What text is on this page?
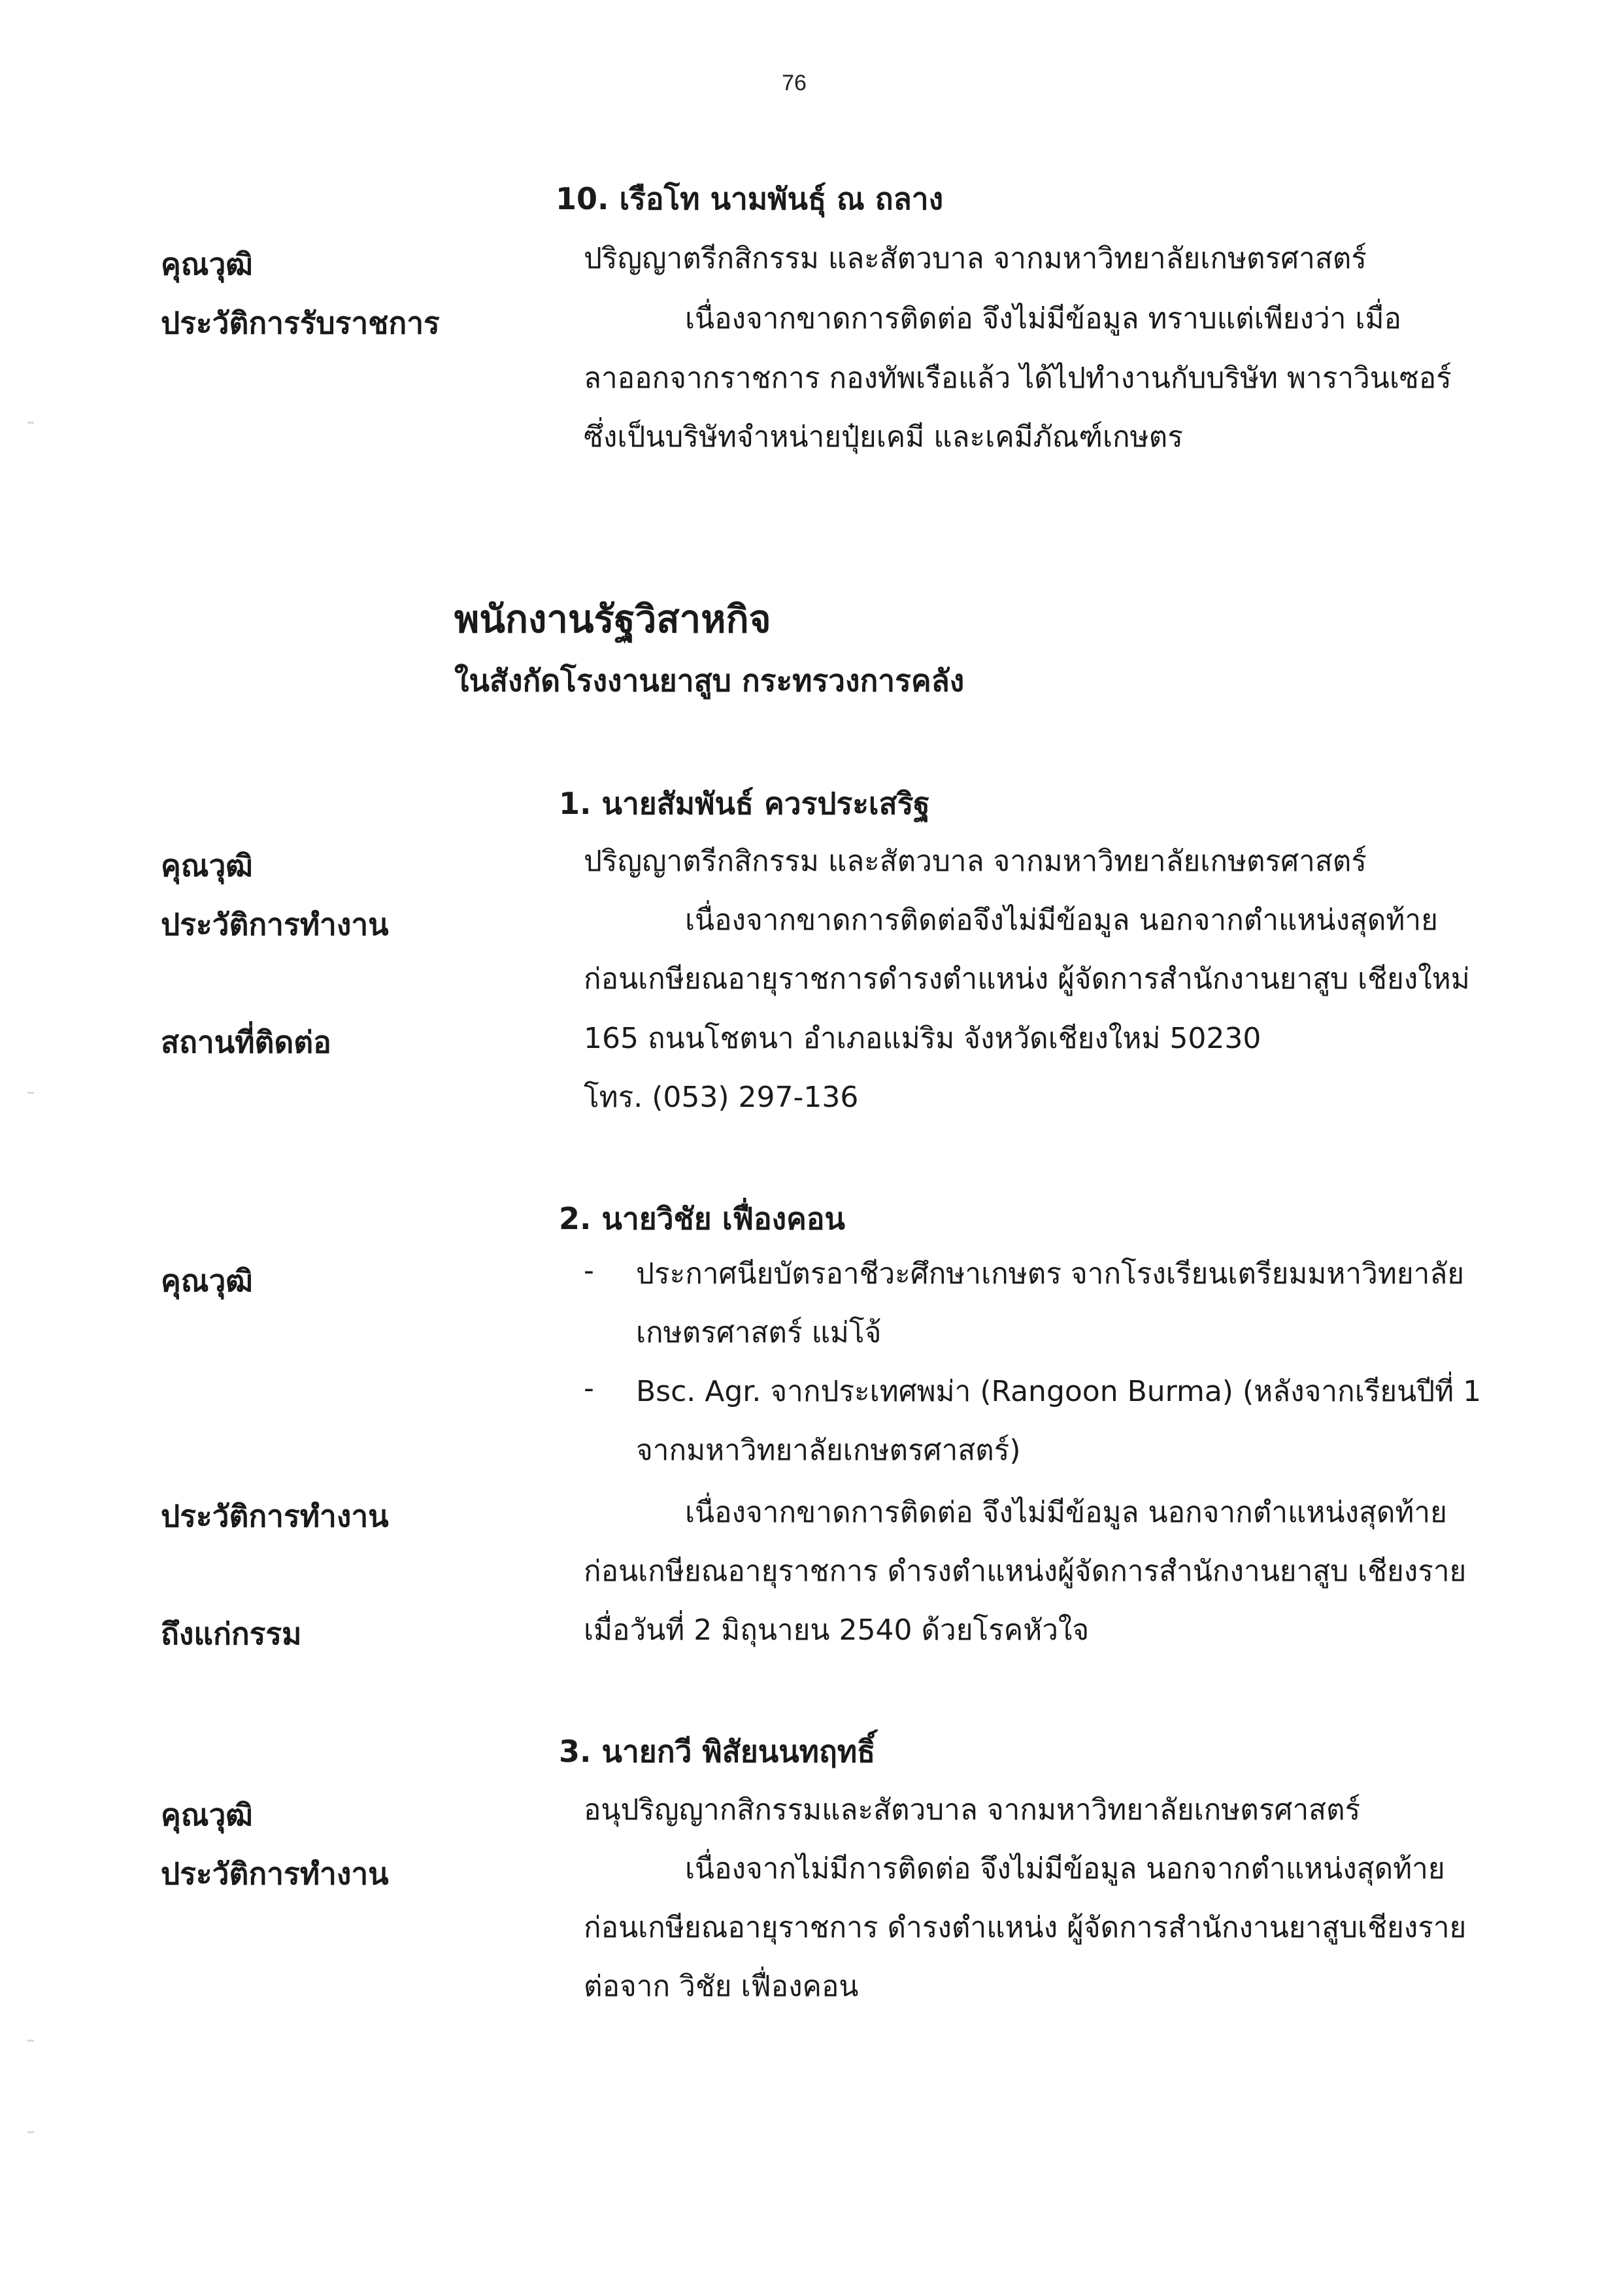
76
10. เรือโท นามพันธุ์ ณ ถลาง
คุณวุฒิ	ปริญญาตรีกสิกรรม และสัตวบาล จากมหาวิทยาลัยเกษตรศาสตร์
ประวัติการรับราชการ	เนื่องจากขาดการติดต่อ จึงไม่มีข้อมูล ทราบแต่เพียงว่า เมื่อ
ลาออกจากราชการ กองทัพเรือแล้ว ได้ไปทำงานกับบริษัท พาราวินเซอร์
ซึ่งเป็นบริษัทจำหน่ายปุ๋ยเคมี และเคมีภัณฑ์เกษตร
พนักงานรัฐวิสาหกิจ
ในสังกัดโรงงานยาสูบ กระทรวงการคลัง
1. นายสัมพันธ์ ควรประเสริฐ
คุณวุฒิ	ปริญญาตรีกสิกรรม และสัตวบาล จากมหาวิทยาลัยเกษตรศาสตร์
ประวัติการทำงาน	เนื่องจากขาดการติดต่อจึงไม่มีข้อมูล นอกจากตำแหน่งสุดท้าย
ก่อนเกษียณอายุราชการดำรงตำแหน่ง ผู้จัดการสำนักงานยาสูบ เชียงใหม่
สถานที่ติดต่อ	165 ถนนโชตนา อำเภอแม่ริม จังหวัดเชียงใหม่ 50230
โทร. (053) 297-136
2. นายวิชัย เฟื่องคอน
คุณวุฒิ	- ประกาศนียบัตรอาชีวะศึกษาเกษตร จากโรงเรียนเตรียมมหาวิทยาลัย
เกษตรศาสตร์ แม่โจ้
- Bsc. Agr. จากประเทศพม่า (Rangoon Burma) (หลังจากเรียนปีที่ 1
จากมหาวิทยาลัยเกษตรศาสตร์)
ประวัติการทำงาน	เนื่องจากขาดการติดต่อ จึงไม่มีข้อมูล นอกจากตำแหน่งสุดท้าย
ก่อนเกษียณอายุราชการ ดำรงตำแหน่งผู้จัดการสำนักงานยาสูบ เชียงราย
ถึงแก่กรรม	เมื่อวันที่ 2 มิถุนายน 2540 ด้วยโรคหัวใจ
3. นายกวี พิสัยนนทฤทธิ์
คุณวุฒิ	อนุปริญญากสิกรรมและสัตวบาล จากมหาวิทยาลัยเกษตรศาสตร์
ประวัติการทำงาน	เนื่องจากไม่มีการติดต่อ จึงไม่มีข้อมูล นอกจากตำแหน่งสุดท้าย
ก่อนเกษียณอายุราชการ ดำรงตำแหน่ง ผู้จัดการสำนักงานยาสูบเชียงราย
ต่อจาก วิชัย เฟื่องคอน
